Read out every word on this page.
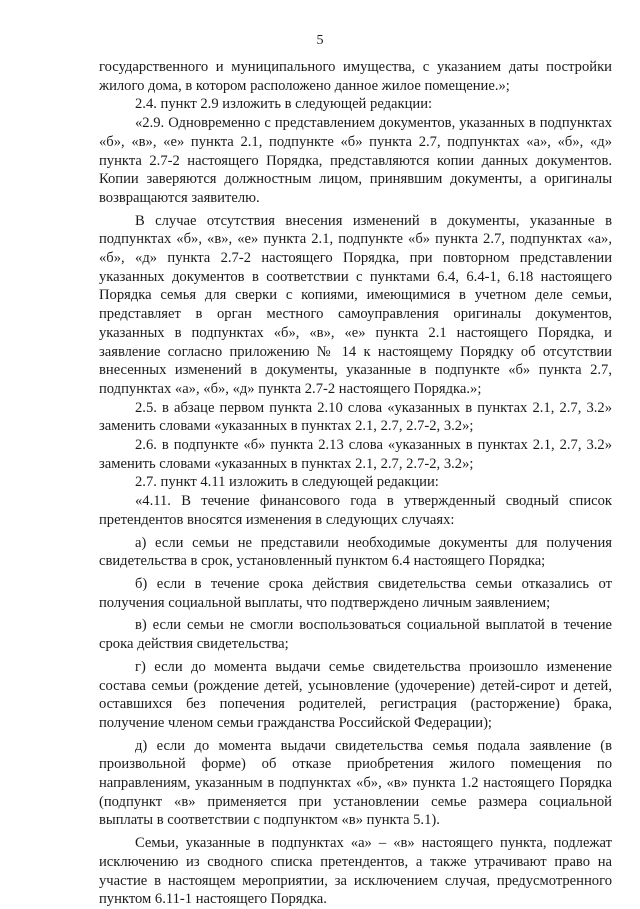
5

государственного и муниципального имущества, с указанием даты постройки жилого дома, в котором расположено данное жилое помещение.»;

2.4. пункт 2.9 изложить в следующей редакции:

«2.9. Одновременно с представлением документов, указанных в подпунктах «б», «в», «е» пункта 2.1, подпункте «б» пункта 2.7, подпунктах «а», «б», «д» пункта 2.7-2 настоящего Порядка, представляются копии данных документов. Копии заверяются должностным лицом, принявшим документы, а оригиналы возвращаются заявителю.

В случае отсутствия внесения изменений в документы, указанные в подпунктах «б», «в», «е» пункта 2.1, подпункте «б» пункта 2.7, подпунктах «а», «б», «д» пункта 2.7-2 настоящего Порядка, при повторном представлении указанных документов в соответствии с пунктами 6.4, 6.4-1, 6.18 настоящего Порядка семья для сверки с копиями, имеющимися в учетном деле семьи, представляет в орган местного самоуправления оригиналы документов, указанных в подпунктах «б», «в», «е» пункта 2.1 настоящего Порядка, и заявление согласно приложению № 14 к настоящему Порядку об отсутствии внесенных изменений в документы, указанные в подпункте «б» пункта 2.7, подпунктах «а», «б», «д» пункта 2.7-2 настоящего Порядка.»;

2.5. в абзаце первом пункта 2.10 слова «указанных в пунктах 2.1, 2.7, 3.2» заменить словами «указанных в пунктах 2.1, 2.7, 2.7-2, 3.2»;

2.6. в подпункте «б» пункта 2.13 слова «указанных в пунктах 2.1, 2.7, 3.2» заменить словами «указанных в пунктах 2.1, 2.7, 2.7-2, 3.2»;

2.7. пункт 4.11 изложить в следующей редакции:

«4.11. В течение финансового года в утвержденный сводный список претендентов вносятся изменения в следующих случаях:

а) если семьи не представили необходимые документы для получения свидетельства в срок, установленный пунктом 6.4 настоящего Порядка;

б) если в течение срока действия свидетельства семьи отказались от получения социальной выплаты, что подтверждено личным заявлением;

в) если семьи не смогли воспользоваться социальной выплатой в течение срока действия свидетельства;

г) если до момента выдачи семье свидетельства произошло изменение состава семьи (рождение детей, усыновление (удочерение) детей-сирот и детей, оставшихся без попечения родителей, регистрация (расторжение) брака, получение членом семьи гражданства Российской Федерации);

д) если до момента выдачи свидетельства семья подала заявление (в произвольной форме) об отказе приобретения жилого помещения по направлениям, указанным в подпунктах «б», «в» пункта 1.2 настоящего Порядка (подпункт «в» применяется при установлении семье размера социальной выплаты в соответствии с подпунктом «в» пункта 5.1).

Семьи, указанные в подпунктах «а» – «в» настоящего пункта, подлежат исключению из сводного списка претендентов, а также утрачивают право на участие в настоящем мероприятии, за исключением случая, предусмотренного пунктом 6.11-1 настоящего Порядка.
